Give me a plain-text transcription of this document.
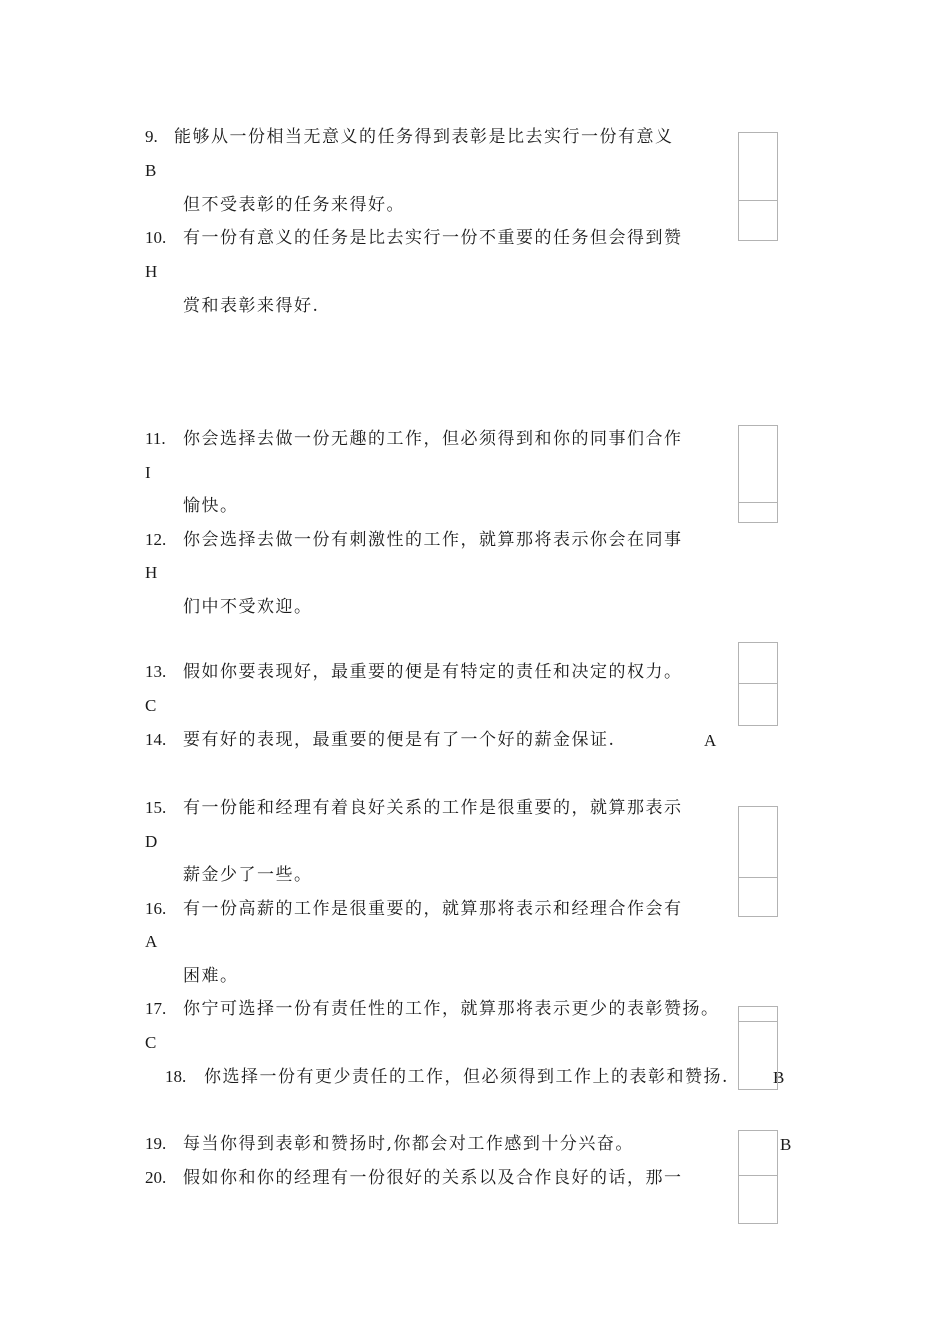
9. 能够从一份相当无意义的任务得到表彰是比去实行一份有意义
B
但不受表彰的任务来得好。
10. 有一份有意义的任务是比去实行一份不重要的任务但会得到赞
H
赏和表彰来得好.
11. 你会选择去做一份无趣的工作，但必须得到和你的同事们合作
I
愉快。
12. 你会选择去做一份有刺激性的工作，就算那将表示你会在同事
H
们中不受欢迎。
13. 假如你要表现好，最重要的便是有特定的责任和决定的权力。
C
14. 要有好的表现，最重要的便是有了一个好的薪金保证.	A
15. 有一份能和经理有着良好关系的工作是很重要的，就算那表示
D
薪金少了一些。
16. 有一份高薪的工作是很重要的，就算那将表示和经理合作会有
A
困难。
17. 你宁可选择一份有责任性的工作，就算那将表示更少的表彰赞扬。
C
18. 你选择一份有更少责任的工作，但必须得到工作上的表彰和赞扬.	B
19. 每当你得到表彰和赞扬时,你都会对工作感到十分兴奋。	B
20. 假如你和你的经理有一份很好的关系以及合作良好的话，那一
